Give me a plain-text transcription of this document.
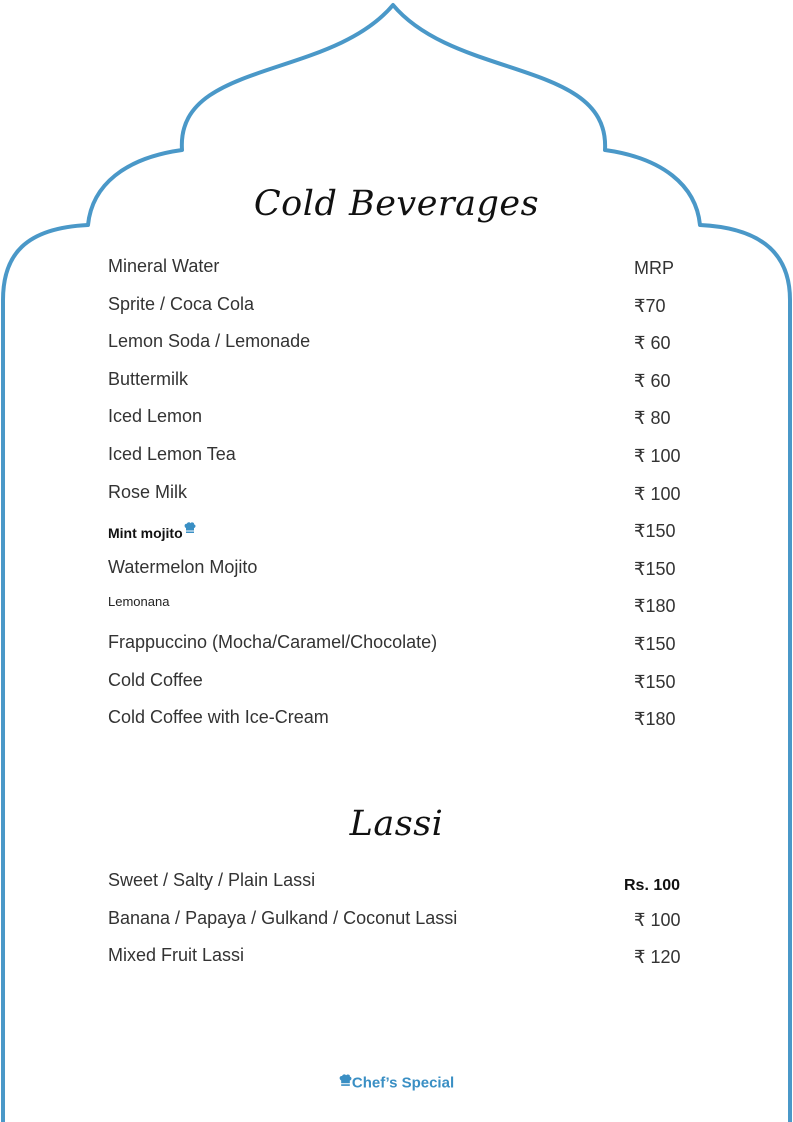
Cold Beverages
Mineral Water	MRP
Sprite / Coca Cola	₹70
Lemon Soda / Lemonade	₹ 60
Buttermilk	₹ 60
Iced Lemon	₹ 80
Iced Lemon Tea	₹ 100
Rose Milk	₹ 100
Mint mojito	₹150
Watermelon Mojito	₹150
Lemonana	₹180
Frappuccino (Mocha/Caramel/Chocolate)	₹150
Cold Coffee	₹150
Cold Coffee with Ice-Cream	₹180
Lassi
Sweet / Salty / Plain Lassi	Rs. 100
Banana / Papaya / Gulkand / Coconut Lassi	₹ 100
Mixed Fruit Lassi	₹ 120
Chef’s Special
